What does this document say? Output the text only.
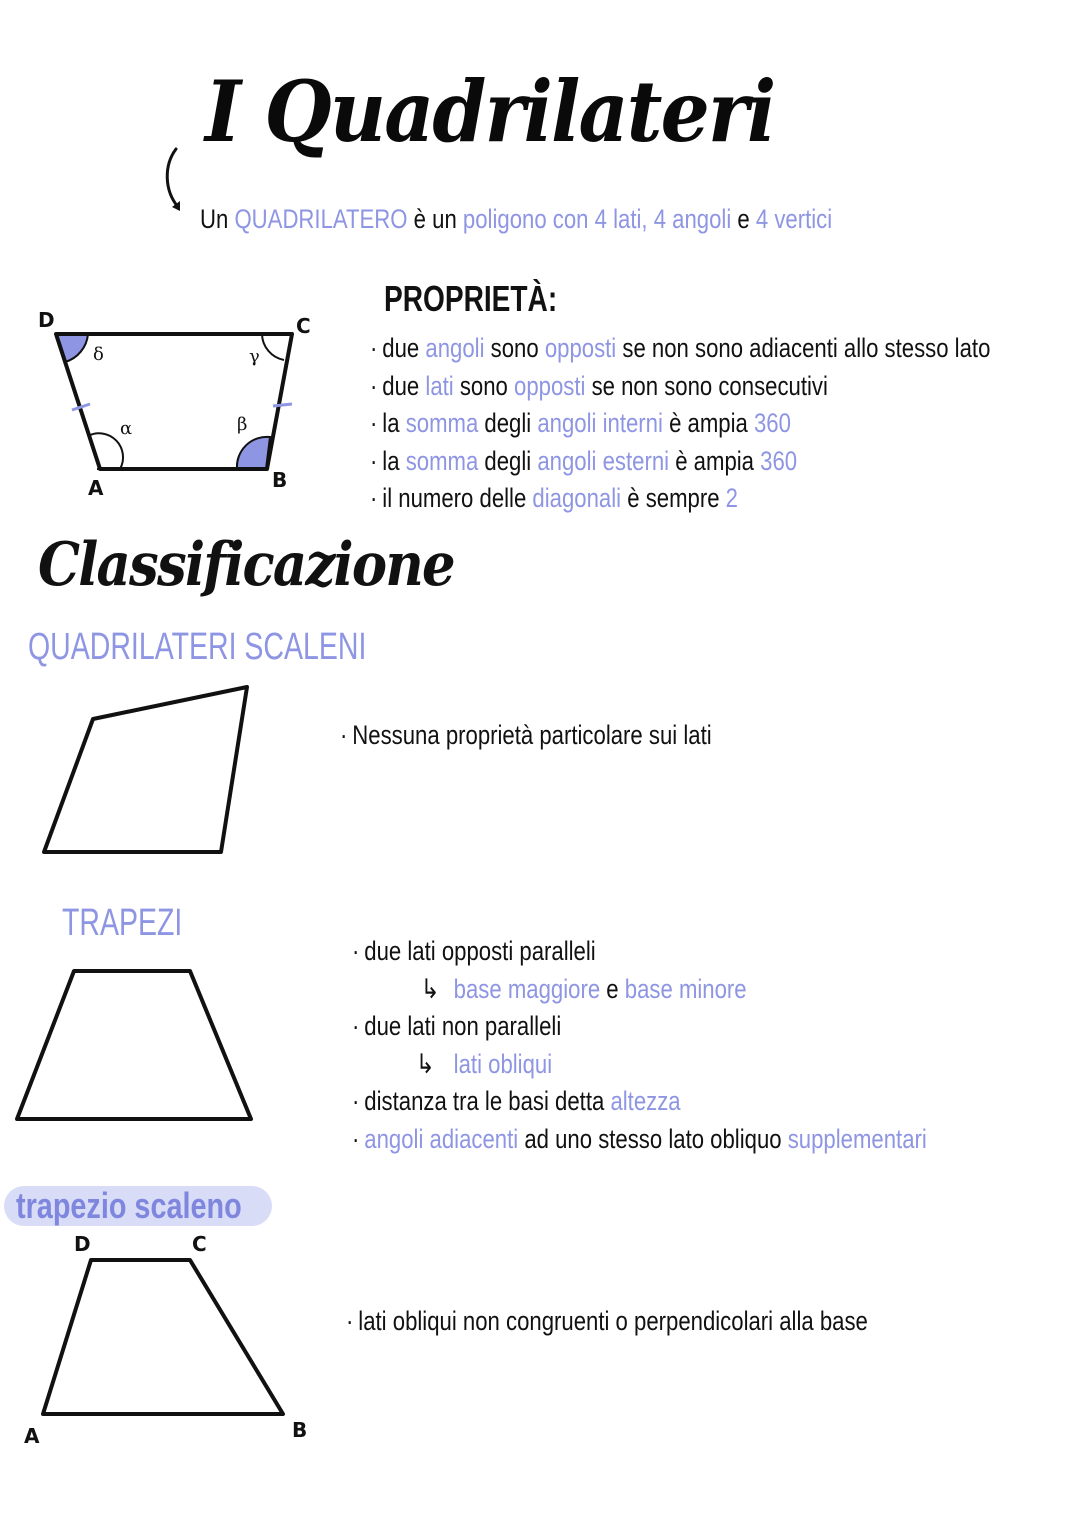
I Quadrilateri
Un QUADRILATERO è un poligono con 4 lati, 4 angoli e 4 vertici
D	C
A	B
δ	γ
α	β
PROPRIETÀ:
· due angoli sono opposti se non sono adiacenti allo stesso lato
· due lati sono opposti se non sono consecutivi
· la somma degli angoli interni è ampia 360
· la somma degli angoli esterni è ampia 360
· il numero delle diagonali è sempre 2
Classificazione
QUADRILATERI SCALENI
· Nessuna proprietà particolare sui lati
TRAPEZI
· due lati opposti paralleli
↳ base maggiore e base minore
· due lati non paralleli
↳ lati obliqui
· distanza tra le basi detta altezza
· angoli adiacenti ad uno stesso lato obliquo supplementari
trapezio scaleno
D	C
A	B
· lati obliqui non congruenti o perpendicolari alla base
